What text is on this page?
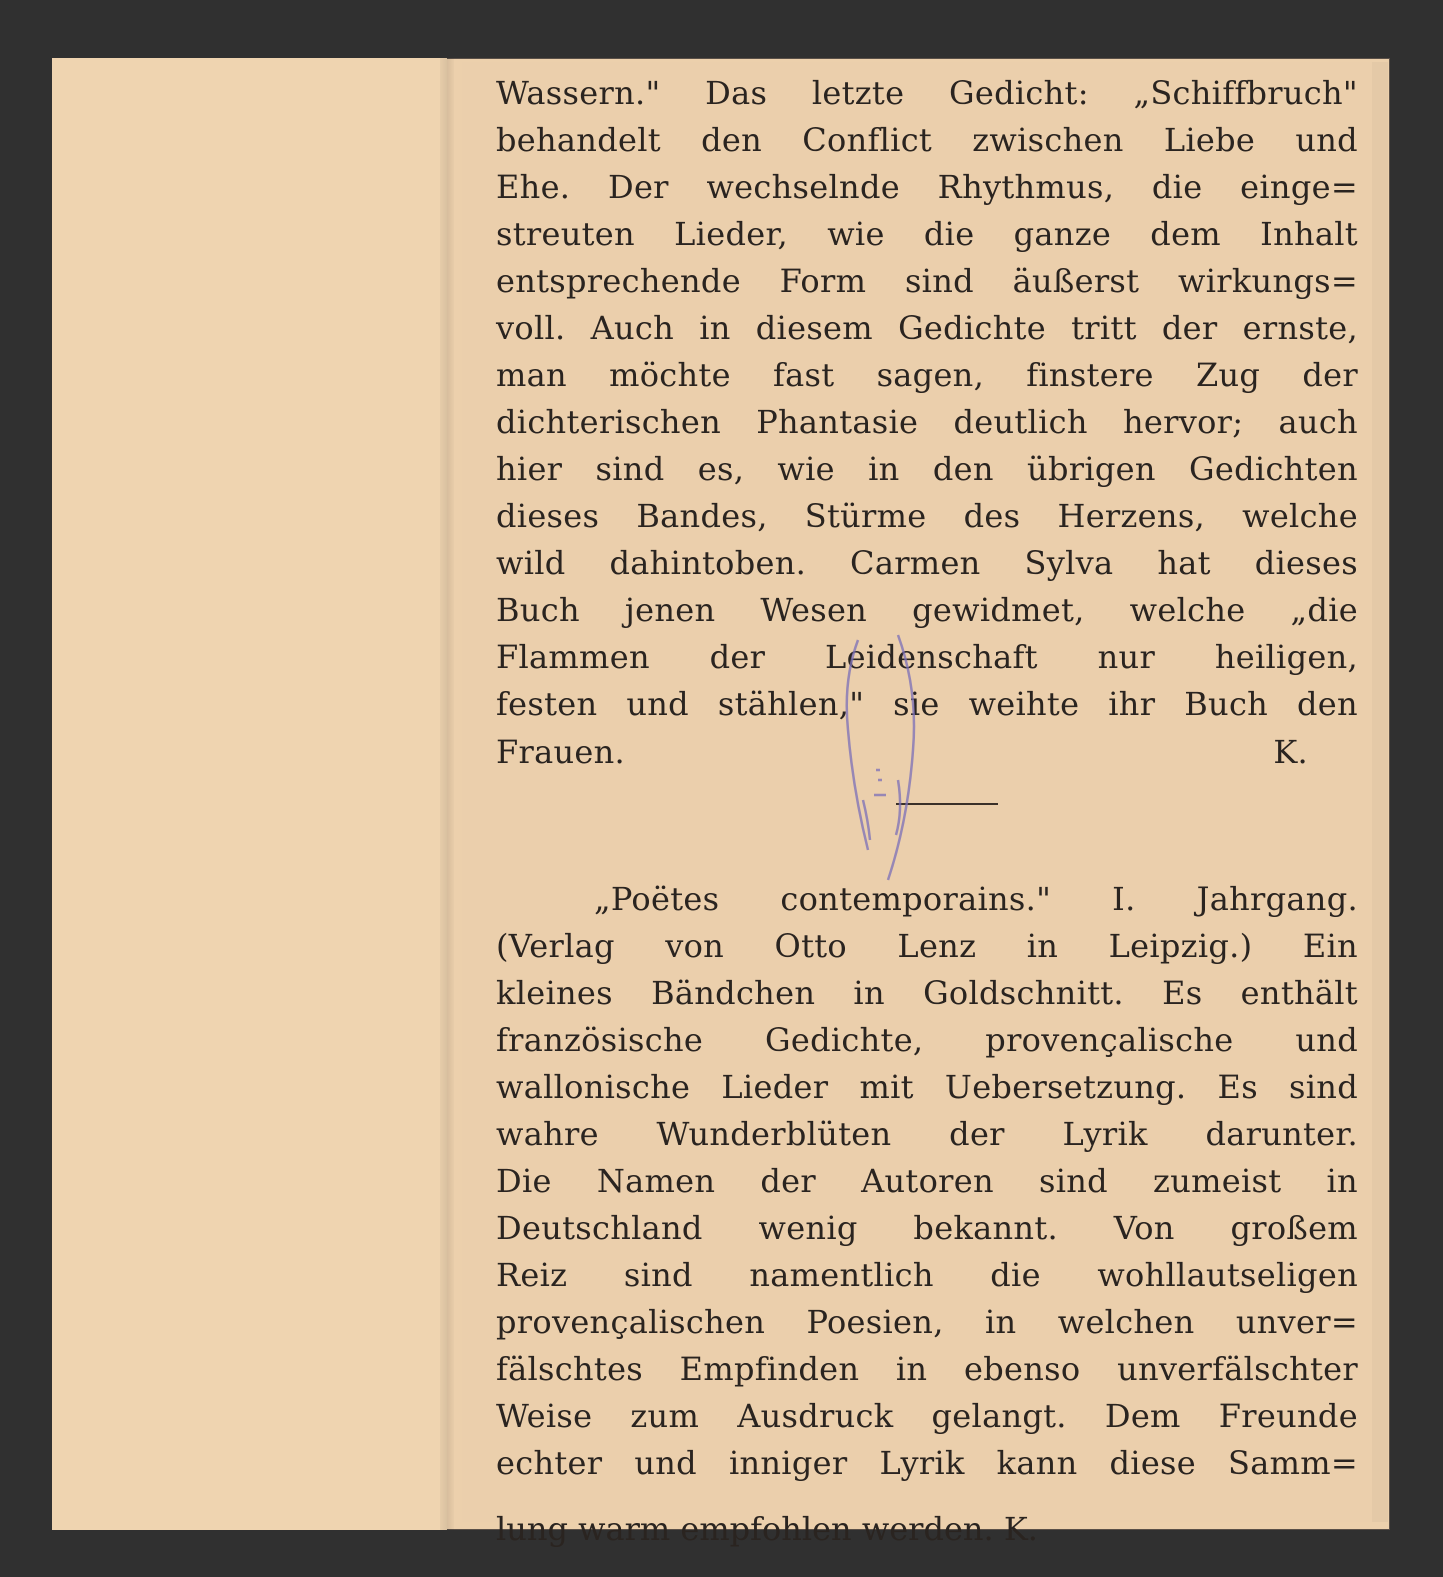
Wassern." Das letzte Gedicht: „Schiffbruch"
behandelt den Conflict zwischen Liebe und
Ehe. Der wechselnde Rhythmus, die einge=
streuten Lieder, wie die ganze dem Inhalt
entsprechende Form sind äußerst wirkungs=
voll. Auch in diesem Gedichte tritt der ernste,
man möchte fast sagen, finstere Zug der
dichterischen Phantasie deutlich hervor; auch
hier sind es, wie in den übrigen Gedichten
dieses Bandes, Stürme des Herzens, welche
wild dahintoben. Carmen Sylva hat dieses
Buch jenen Wesen gewidmet, welche „die
Flammen der Leidenschaft nur heiligen,
festen und stählen," sie weihte ihr Buch den
Frauen.	K.
„Poëtes contemporains." I. Jahrgang.
(Verlag von Otto Lenz in Leipzig.) Ein
kleines Bändchen in Goldschnitt. Es enthält
französische Gedichte, provençalische und
wallonische Lieder mit Uebersetzung. Es sind
wahre Wunderblüten der Lyrik darunter.
Die Namen der Autoren sind zumeist in
Deutschland wenig bekannt. Von großem
Reiz sind namentlich die wohllautseligen
provençalischen Poesien, in welchen unver=
fälschtes Empfinden in ebenso unverfälschter
Weise zum Ausdruck gelangt. Dem Freunde
echter und inniger Lyrik kann diese Samm=
